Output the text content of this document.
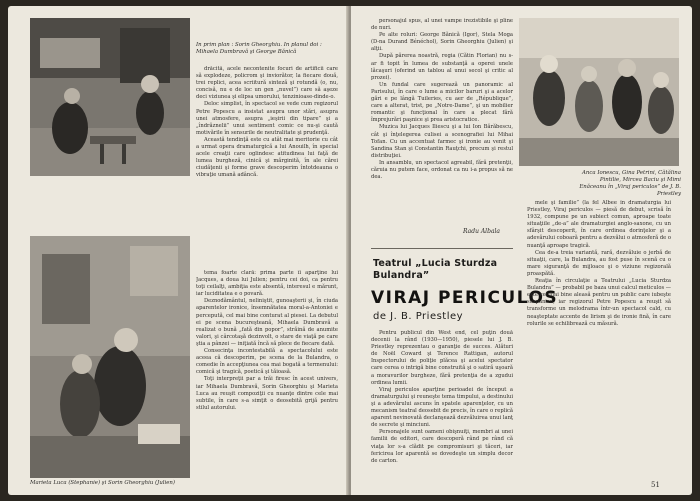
In prim plan : Sorin Gheorghiu. In planul doi : Mihaela Dumbravă şi George Bănică

drăcită, acele necontenite focuri de artificii care să explodeze, policrom şi inviorător, la fiecare două, trei replici, acea scriitură sinteză şi rotundă (o, nu, concisă, nu e de loc un gen „nuvel”) care să aşeze deci viziunea şi elipsa umorului, tenzinioase-dinde-o.

Deloc simplist, în spectacol se vede cum regizorul Petre Popescu a insistat asupra unor stări, asupra unei atmosfere, asupra „ieşirii din tipare” şi a „îndrăznelii” unui sentiment comic ce nu-şi caută motivările în sensurile de neutralitate şi prudenţă.

Această tendinţă este cu atât mai meritorie cu cât a urmat opera dramaturgică a lui Anouilh, în special acele creaţii care oglindesc atitudinea lui faţă de lumea burgheză, cinică şi mărginită, în ale cărei ciudăţenii şi forme grave descoperim întotdeauna o vibraţie umană adâncă.

Marieta Luca (Stephanie) şi Sorin Gheorghiu (Julien)

tema foarte clară: prima parte îi aparţine lui Jacques, a doua lui Julien; pentru cei doi, ca pentru toţi ceilalţi, ambiţia este absentă, interesul e mărunt, iar luciditatea e o povară.

Deznodământul, neliniştit, gunoaşterii şi, în ciuda aparentelor ironice, însemnătatea moral-a-Antoniei e percepută, cel mai bine conturat al piesei. La debutul ei pe scena bucureşteană, Mihaela Dumbravă a realizat o bună „fată din popor”, străină de anumite valori, şi cârcotaşă dezinvolt, o stare de viaţă pe care ştia a pânzei — iniţiată încă să plece de fiecare dată.

Consecinţa incontestabilă a spectacolului este aceea că descoperim, pe scena de la Bulandra, o comedie în accepţiunea cea mai bogată a termenului: comică şi tragică, poetică şi tăioasă.

Toţi interpreţii par a trăi firesc în acest univers, iar Mihaela Dumbravă, Sorin Gheorghiu şi Marieta Luca au reuşit compoziţii cu nuanţe dintre cele mai subtile, în care s-a simţit o deosebită grijă pentru stilul autorului.

personajul spus, al unei vampe irezistibile şi pline de nuri.

Pe alte roluri: George Bănică (Igor), Stela Moga (D-na Durand Bénéchol), Sorin Gheorghiu (Julien) şi alţii.

După părerea noastră, regia (Cătin Florian) nu s-ar fi topit în lumea de substanţă a operei unele lăcaşuri (oferind un tablou al unui secol şi critic al prozei).

Un fundal care sugerează un panoramic al Parisului, în care o lume a micilor baruri şi a acelor gări e pe lângă Tuileries, cu aer de „République”, care a alterat, trist, pe „Notre-Dame”, şi un mobilier romantic şi funcţional în care a plecat fără împrejurări paşnice şi prea aristocratice.

Muzica lui Jacques Iliescu şi a lui Ion Bărăbescu, cât şi înţelegerea culisei a scenografiei lui Mihai Tofan. Cu un accentuat farmec şi ironie au venit şi Sandina Stan şi Constantin Rauţchi, precum şi restul distribuţiei.

In ansamblu, un spectacol agreabil, fără pretenţii, căruia nu putem face, ordonat ca nu i-a propus să ne dea.

Radu Albala
Anca Ionescu, Gina Petrini, Cătălina Pintilie, Mircea Baciu şi Mimi Enăceanu în „Viraj periculos” de J. B. Priestley
Teatrul „Lucia Sturdza
Bulandra”
VIRAJ PERICULOS
de J. B. Priestley

Pentru publicul din West end, cel puţin două decenii la rând (1930—1950), piesele lui J. B. Priestley reprezentau o garanţie de succes. Alături de Noël Coward şi Terence Rattigan, autorul Inspectorului de poliţie plăcea şi acelui spectator care cerea o intrigă bine construită şi o satiră uşoară a moravurilor burgheze, fără pretenţia de a zgudui ordinea lumii.

Viraj periculos aparţine perioadei de început a dramaturgului şi reuneşte tema timpului, a destinului şi a adevărului ascuns în spatele aparenţelor, cu un mecanism teatral deosebit de precis, în care o replică aparent nevinovată declanşează dezvăluirea unui lanţ de secrete şi minciuni.

Personajele sunt oameni obişnuiţi, membri ai unei familii de editori, care descoperă rând pe rând că viaţa lor s-a clădit pe compromisuri şi tăceri, iar fericirea lor aparentă se dovedeşte un simplu decor de carton.

mele şi familie” (la fel Albee în dramaturgia lui Priestley, Viraj periculos — piesă de debut, scrisă în 1932, compune pe un subiect comun, aproape toate situaţiile „de-a” ale dramaturgiei anglo-saxone, cu un sfârşit descoperit, în care ordinea dorinţelor şi a adevărului coboară pentru a dezvălui o atmosferă de o nuanţă aproape tragică.

Cea de-a treia variantă, rară, dezvăluie o jerbă de situaţii, care, la Bulandra, au fost puse în scenă cu o mare siguranţă de mijloace şi o viziune regizorală proaspătă.

Reaţia în circulaţie a Teatrului „Lucia Sturdza Bulandra” — probabil pe baza unui calcul meticulos — este cel mai bine aleasă pentru un public care iubeşte suspansul, iar regizorul Petre Popescu a reuşit să transforme un melodrama într-un spectacol cald, cu neaşteptate accente de lirism şi de ironie fină, în care rolurile se echilibrează cu măsură.

51
